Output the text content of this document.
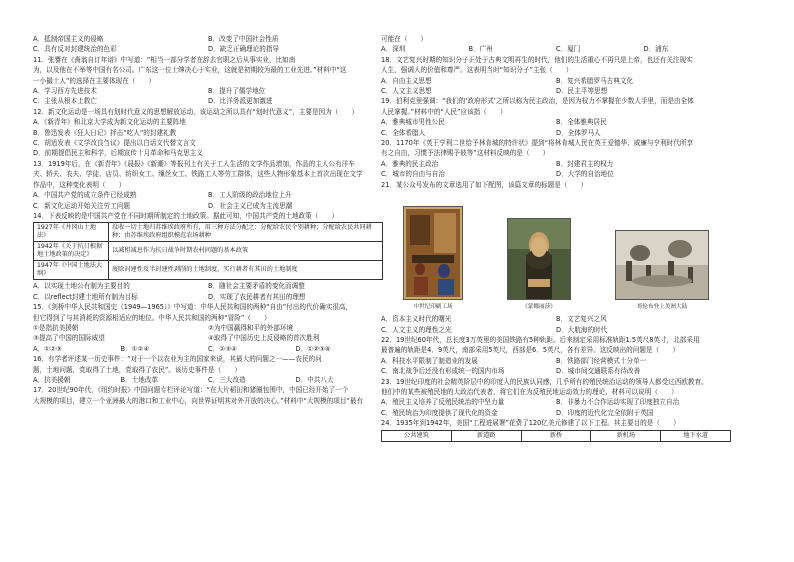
A．抵制帝国主义的侵略	B．改变了中国社会性质
C．具有反对封建统治的色彩	D．缺乏正确理论的指导
11．张謇在《嗇翁自订年谱》中写道：“相当一部分学者在辞去官职之后从事实业，比如南
为，以及他在不举等中国有名公司。广东这一位士绅决心于实业，这就是初期较为最的工业先进。”材料中“这
一小撮士人”的选择在主要体现在（　　）
A．学习西方先进技术	B．提升了儒学地位
C．主张从根本上救亡	D．比洋务派更加激进
12．新文化运动是一场具有划时代意义的思想解放运动，该运动之所以具有“划时代意义”，主要是因为（　　）
A．《新青年》和北京大学成为新文化运动的主要阵地
B．鲁迅发表《狂人日记》抨击“吃人”的封建礼教
C．胡适发表《文学改良刍议》提出以白话文代替文言文
D．前期提倡民主和科学，后期宣传十月革命和马克思主义
13．1919年后，在《新青年》《晨报》《新潮》等报刊上有关于工人生活的文学作品增加，作品的主人公有洋车
夫、轿夫、农夫、学徒、店员、纺织女工、缫丝女工、铁路工人等劳工群体，这些人物形象基本上首次出现在文学
作品中，这种变化表明（　　）
A．中国共产党的成立条件已经成熟	B．工人阶级的政治地位上升
C．新文化运动开始关注劳工问题	D．社会主义已成为主流思潮
14．下表反映的是中国共产党在不同时期所制定的土地政策。据此可知，中国共产党的土地政策（　　）
1927年《井冈山土地法》	没收一切土地归苏维埃政府所有，用三种方法分配之：分配给农民个别耕种；分配给农民共同耕种；由苏维埃政府组织模范农场耕种
1942年《关于抗日根据地土地政策的决定》	以减租减息作为抗日战争时期农村问题的基本政策
1947年《中国土地法大纲》	废除封建性及半封建性剥削的土地制度，实行耕者有其田的土地制度
A．以实现土地公有制为主要目的	B．随社会主要矛盾的变化而调整
C．以reflect封建土地所有制为目标	D．实现了农民耕者有其田的理想
15．《剑桥中华人民共和国史（1949—1965）》中写道：中华人民共和国的两种“自由”付出的代价确实很高，
但它得到了与其消耗的资源相适应的地位。中华人民共和国的两种“冒险”（　　）
①是指抗美援朝	②为中国赢得和平的外部环境
③提高了中国的国际威望	④取得了中国历史上反侵略的首次胜利
A．①②③	B．①②④	C．②③④	D．①②③④
16．有学者评述某一历史事件：“对于一个以农业为主的国家来说，其最大的问题之一——农民的问
题，土地问题，党取得了土地，党取得了农民”。该历史事件是（　　）
A．抗美援朝	B．土地改革	C．三大改造	D．中共八大
17．20世纪90年代，《纽约时报》中国问题专栏评论写道：“在大片稻田和猪圈包围中，中国已经开始了一个
大规模的项目，建立一个亚洲最大的港口和工业中心，向世界证明其对外开放的决心。”材料中“大规模的项目”最有
可能在（　　）
A．深圳	B．广州	C．厦门	D．浦东
18．文艺复兴时期的知识分子正处于古典文明再生的时代，他们的生活重心不再只是上帝，也还有关注现实
人生，强调人的价值和尊严。这表明当时“知识分子”主张（　　）
A．自由主义思想	B．复兴希腊罗马古典文化
C．人文主义思想	D．民主平等思想
19．伯利克里强调：“我们的‘政府形式’之所以称为民主政治，是因为权力不掌握在少数人手里，而是由全体
人民掌握。”材料中的“人民”应该指（　　）
A．雅典城市男性公民	B．全体雅典居民
C．全体希腊人	D．全体罗马人
20．1170年《英王亨利二世给予林肯城的特许状》提到“将林肯城人民在英王爱德华、威廉与亨利时代所享
有之自由，习惯予法律赐予彼等”这材料反映的是（　　）
A．雅典的民主政治	B．封建君主的权力
C．城市的自由与自治	D．大学的自治地位
21．某公众号发布的文章选用了如下配图，该篇文章的标题是（　　）
中世纪印刷工场	《蒙娜丽莎》	哥伦布登上美洲大陆
A．资本主义时代的曙光	B．文艺复兴之风
C．人文主义的理性之光	D．大航海的时代
22．19世纪60年代，总长度3万英里的美国铁路有5种轨距。后来制定采用标准轨距1.5英尺8英寸，北部采用
最普遍的轨距是4．9英尺，南部采用5英尺，西部是6．5英尺，各有差异。这反映出的问题是（　　）
A．科技水平限制了制造业的发展	B．铁路部门经营模式十分单一
C．南北战争后还没有形成统一的国内市场	D．城市间交通联系有待改善
23．19世纪印度的社会精英阶层中的印度人的民族认同感，几乎所有的殖民统治运动的领导人都受过西欧教育。
他们中的某些被殖民地的大政治代表者，将它们在为反殖民地运动效力的理论，材料可以说明（　　）
A．殖民主义培养了反殖民统治的中坚力量	B．非暴力不合作运动实现了印度独立自治
C．殖民统治为印度提供了现代化的资金	D．印度的近代化完全依附于英国
24．1935年到1942年，美国“工程进展署”花费了120亿美元修建了以下工程。其主要目的是（　　）
公共建筑	新道路	新桥	新机场	地下水道
